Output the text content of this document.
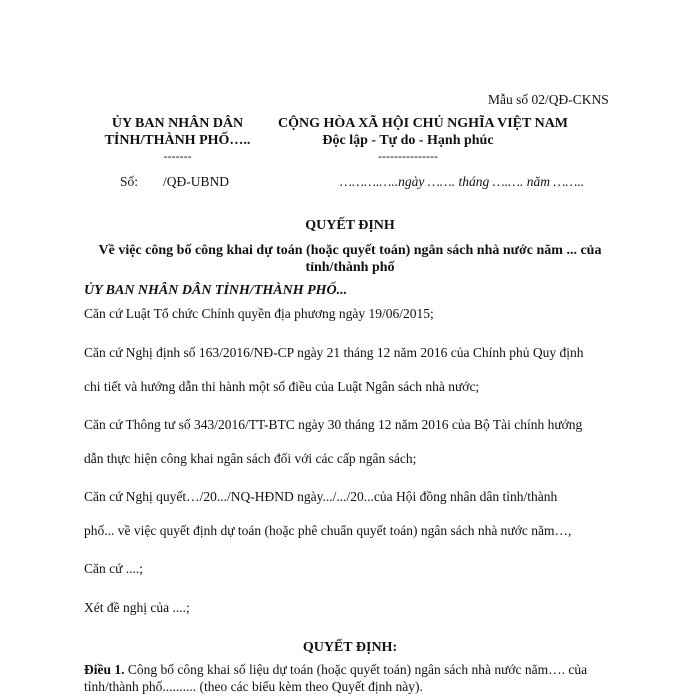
Mẫu số 02/QĐ-CKNS
ỦY BAN NHÂN DÂN
TỈNH/THÀNH PHỐ…..
-------
CỘNG HÒA XÃ HỘI CHỦ NGHĨA VIỆT NAM
Độc lập - Tự do - Hạnh phúc
---------------
Số: /QĐ-UBND	……….…..ngày ……. tháng ….…. năm ……..
QUYẾT ĐỊNH
Về việc công bố công khai dự toán (hoặc quyết toán) ngân sách nhà nước năm ... của
tỉnh/thành phố
ỦY BAN NHÂN DÂN TỈNH/THÀNH PHỐ...
Căn cứ Luật Tổ chức Chính quyền địa phương ngày 19/06/2015;
Căn cứ Nghị định số 163/2016/NĐ-CP ngày 21 tháng 12 năm 2016 của Chính phủ Quy định
chi tiết và hướng dẫn thi hành một số điều của Luật Ngân sách nhà nước;
Căn cứ Thông tư số 343/2016/TT-BTC ngày 30 tháng 12 năm 2016 của Bộ Tài chính hướng
dẫn thực hiện công khai ngân sách đối với các cấp ngân sách;
Căn cứ Nghị quyết…/20.../NQ-HĐND ngày.../.../20...của Hội đồng nhân dân tỉnh/thành
phố... về việc quyết định dự toán (hoặc phê chuẩn quyết toán) ngân sách nhà nước năm…,
Căn cứ ....;
Xét đề nghị của ....;
QUYẾT ĐỊNH:
Điều 1. Công bố công khai số liệu dự toán (hoặc quyết toán) ngân sách nhà nước năm…. của
tỉnh/thành phố.......... (theo các biểu kèm theo Quyết định này).
